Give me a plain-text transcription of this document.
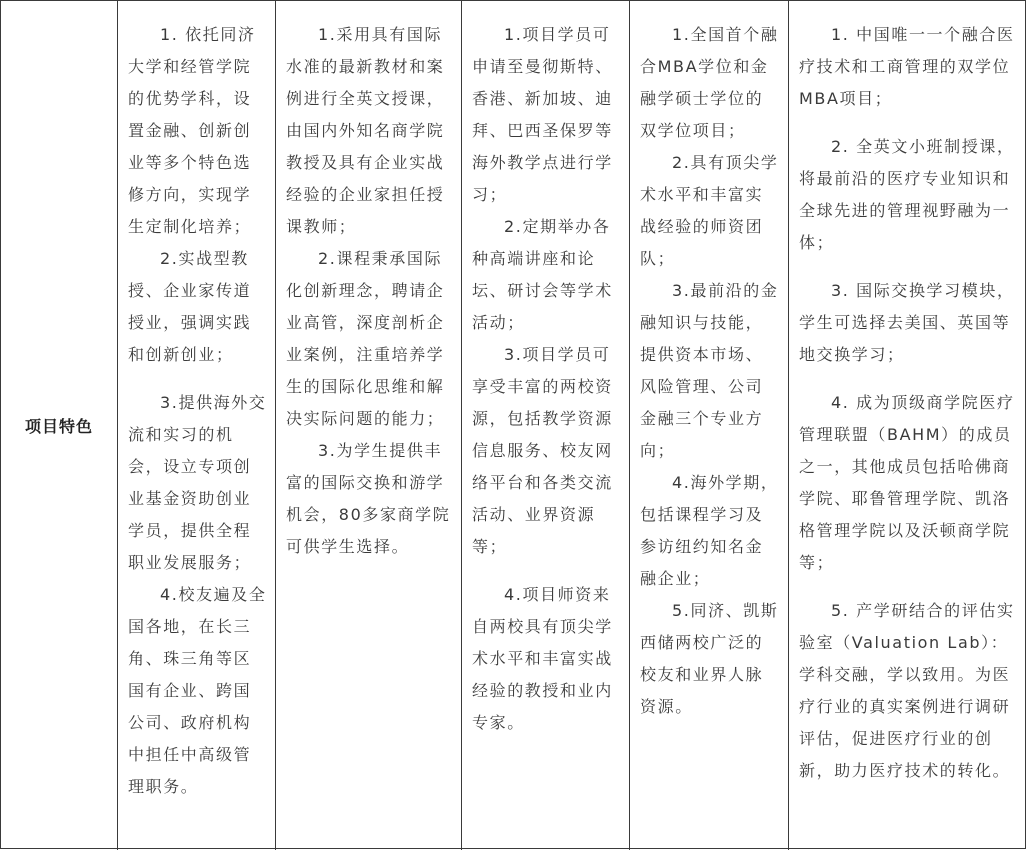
项目特色

1. 依托同济大学和经管学院的优势学科，设置金融、创新创业等多个特色选修方向，实现学生定制化培养；

2.实战型教授、企业家传道授业，强调实践和创新创业；

3.提供海外交流和实习的机会，设立专项创业基金资助创业学员，提供全程职业发展服务；

4.校友遍及全国各地，在长三角、珠三角等区国有企业、跨国公司、政府机构中担任中高级管理职务。

1.采用具有国际水准的最新教材和案例进行全英文授课，由国内外知名商学院教授及具有企业实战经验的企业家担任授课教师；

2.课程秉承国际化创新理念，聘请企业高管，深度剖析企业案例，注重培养学生的国际化思维和解决实际问题的能力；

3.为学生提供丰富的国际交换和游学机会，80多家商学院可供学生选择。

1.项目学员可申请至曼彻斯特、香港、新加坡、迪拜、巴西圣保罗等海外教学点进行学习；

2.定期举办各种高端讲座和论坛、研讨会等学术活动；

3.项目学员可享受丰富的两校资源，包括教学资源信息服务、校友网络平台和各类交流活动、业界资源等；

4.项目师资来自两校具有顶尖学术水平和丰富实战经验的教授和业内专家。

1.全国首个融合MBA学位和金融学硕士学位的双学位项目；

2.具有顶尖学术水平和丰富实战经验的师资团队；

3.最前沿的金融知识与技能，提供资本市场、风险管理、公司金融三个专业方向；

4.海外学期，包括课程学习及参访纽约知名金融企业；

5.同济、凯斯西储两校广泛的校友和业界人脉资源。

1. 中国唯一一个融合医疗技术和工商管理的双学位MBA项目；

2. 全英文小班制授课，将最前沿的医疗专业知识和全球先进的管理视野融为一体；

3. 国际交换学习模块，学生可选择去美国、英国等地交换学习；

4. 成为顶级商学院医疗管理联盟（BAHM）的成员之一，其他成员包括哈佛商学院、耶鲁管理学院、凯洛格管理学院以及沃顿商学院等；

5. 产学研结合的评估实验室（Valuation Lab）：学科交融，学以致用。为医疗行业的真实案例进行调研评估，促进医疗行业的创新，助力医疗技术的转化。
